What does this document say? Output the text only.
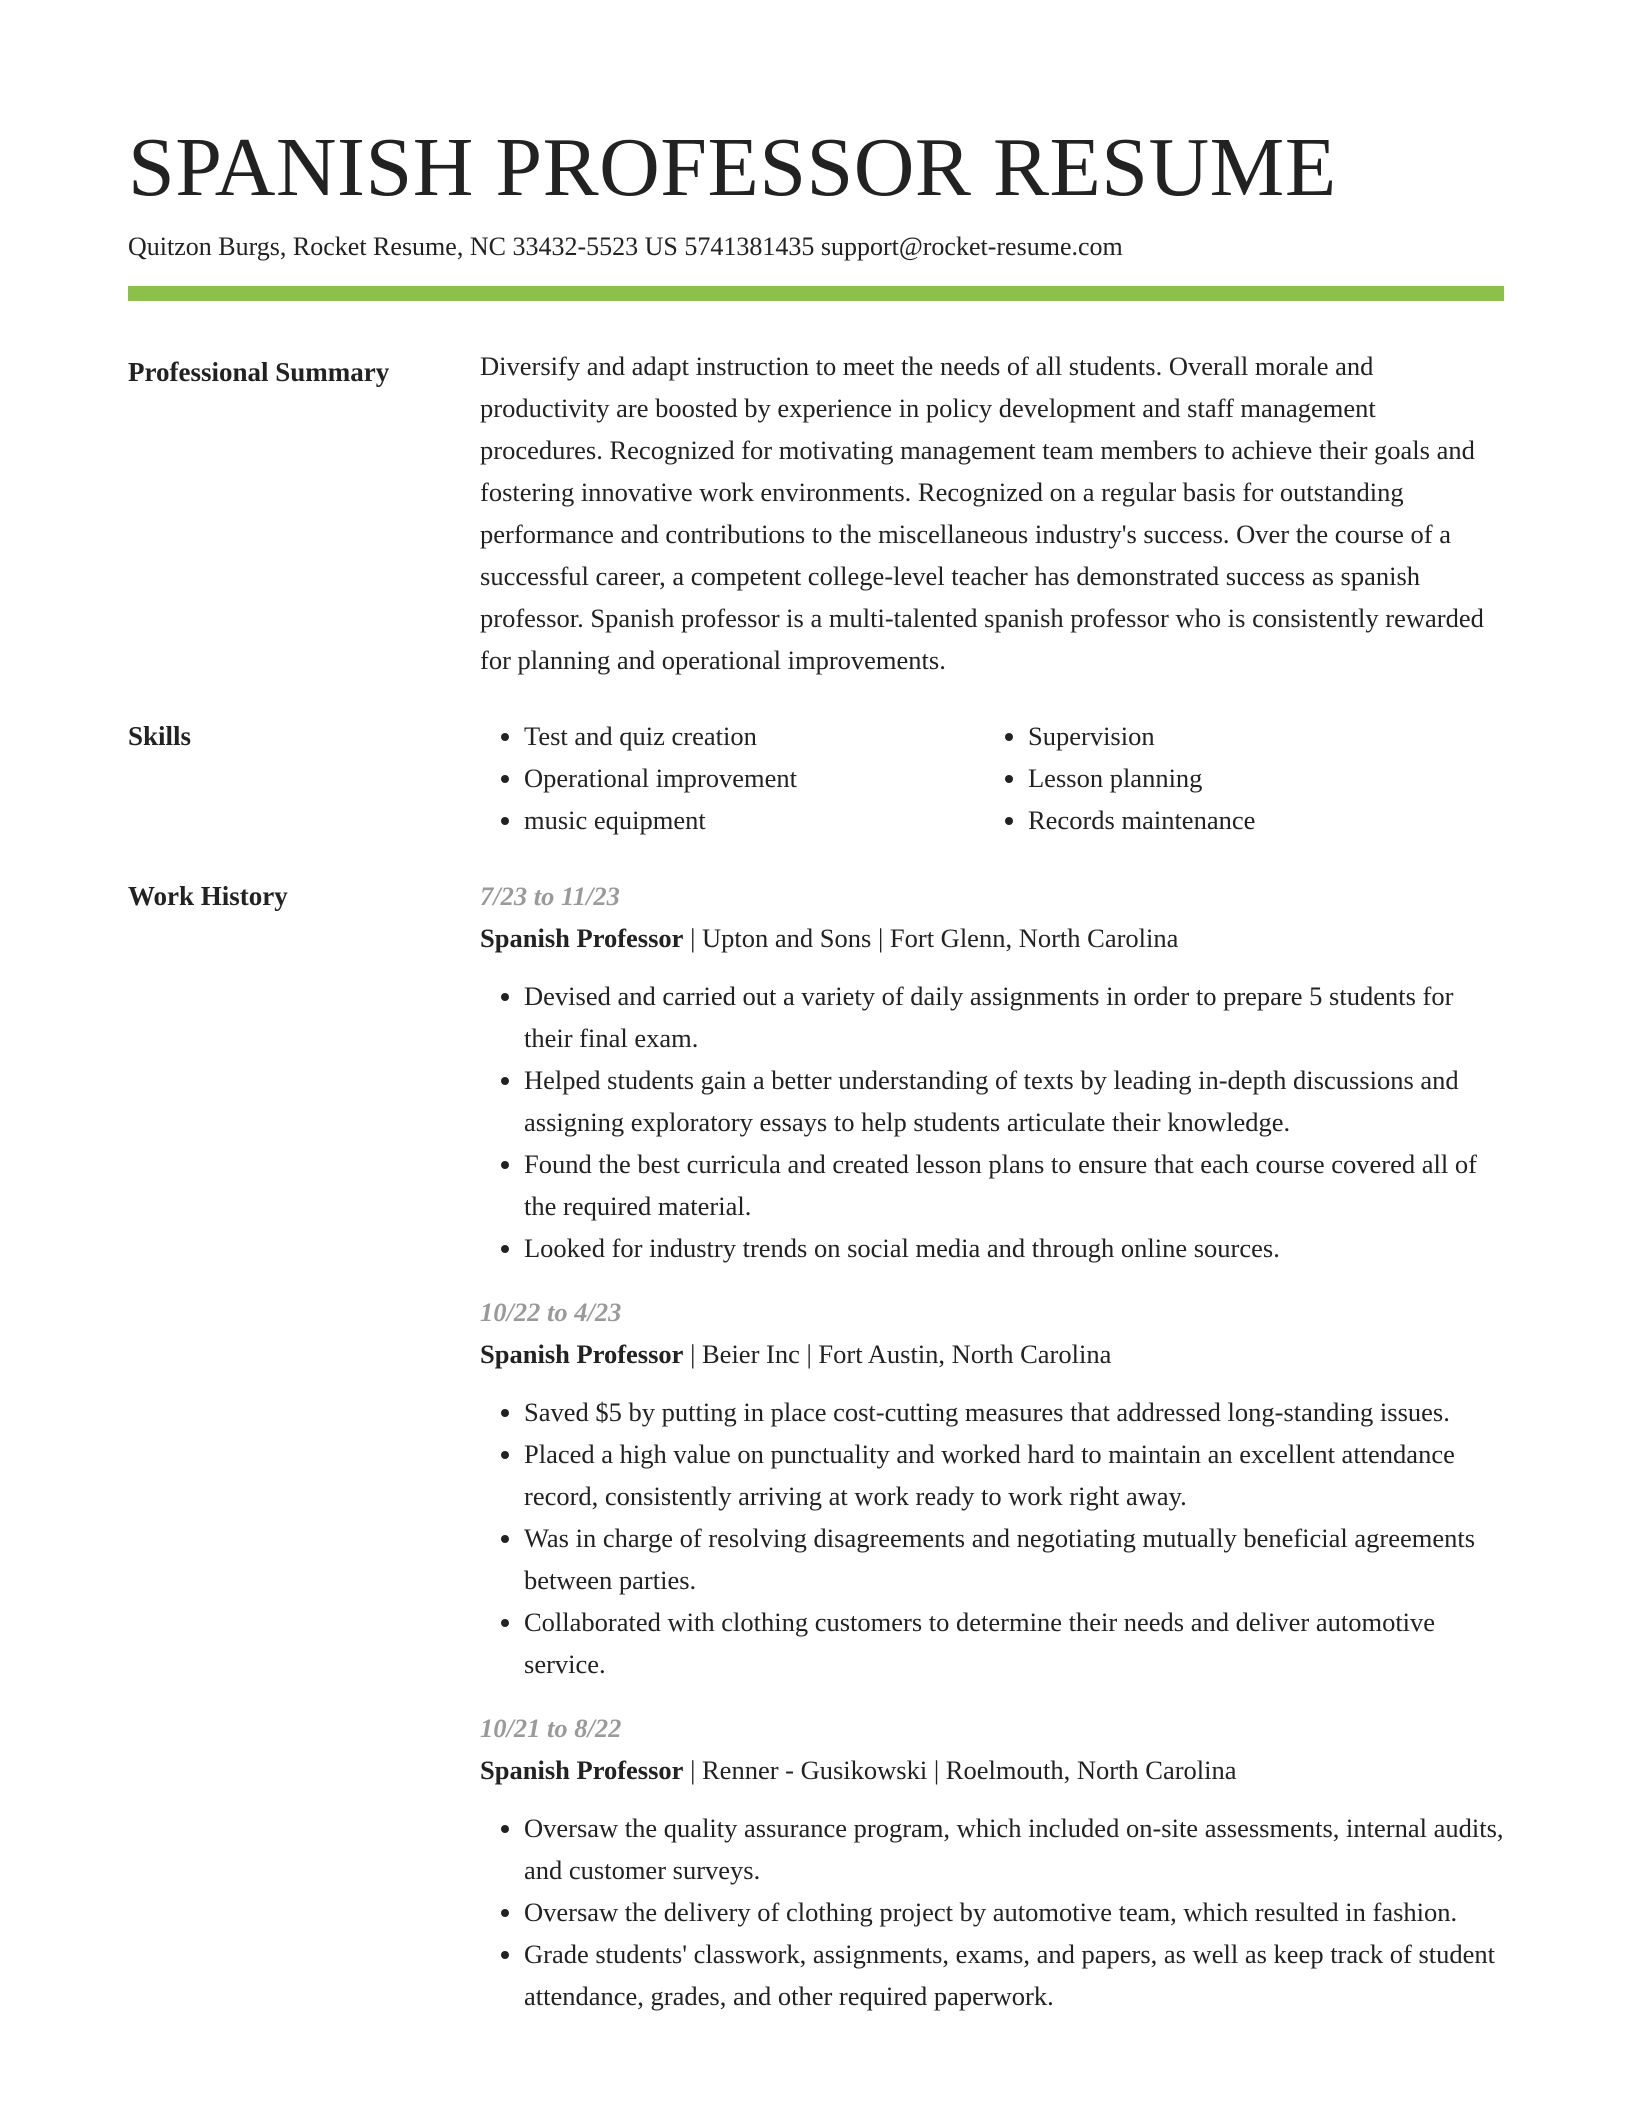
SPANISH PROFESSOR RESUME
Quitzon Burgs, Rocket Resume, NC 33432-5523 US 5741381435 support@rocket-resume.com
Professional Summary	Diversify and adapt instruction to meet the needs of all students. Overall morale and productivity are boosted by experience in policy development and staff management procedures. Recognized for motivating management team members to achieve their goals and fostering innovative work environments. Recognized on a regular basis for outstanding performance and contributions to the miscellaneous industry's success. Over the course of a successful career, a competent college-level teacher has demonstrated success as spanish professor. Spanish professor is a multi-talented spanish professor who is consistently rewarded for planning and operational improvements.

Skills
•	Test and quiz creation
• Operational improvement
• music equipment
• Supervision
• Lesson planning
• Records maintenance
Work History	7/23 to 11/23
Spanish Professor | Upton and Sons | Fort Glenn, North Carolina
• Devised and carried out a variety of daily assignments in order to prepare 5 students for their final exam.
• Helped students gain a better understanding of texts by leading in-depth discussions and assigning exploratory essays to help students articulate their knowledge.
• Found the best curricula and created lesson plans to ensure that each course covered all of the required material.
• Looked for industry trends on social media and through online sources.
10/22 to 4/23
Spanish Professor | Beier Inc | Fort Austin, North Carolina
• Saved $5 by putting in place cost-cutting measures that addressed long-standing issues.
• Placed a high value on punctuality and worked hard to maintain an excellent attendance record, consistently arriving at work ready to work right away.
• Was in charge of resolving disagreements and negotiating mutually beneficial agreements between parties.
• Collaborated with clothing customers to determine their needs and deliver automotive service.
10/21 to 8/22
Spanish Professor | Renner - Gusikowski | Roelmouth, North Carolina
• Oversaw the quality assurance program, which included on-site assessments, internal audits, and customer surveys.
• Oversaw the delivery of clothing project by automotive team, which resulted in fashion.
• Grade students' classwork, assignments, exams, and papers, as well as keep track of student attendance, grades, and other required paperwork.
